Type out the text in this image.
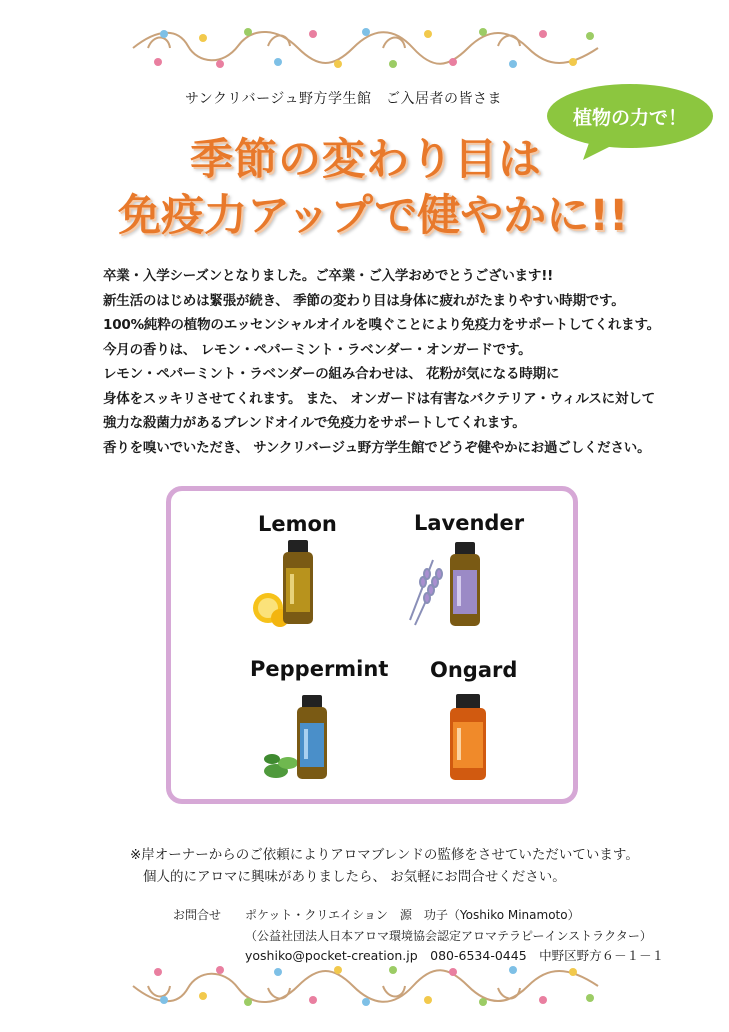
サンクリバージュ野方学生館　ご入居者の皆さま
植物の力で！
季節の変わり目は
免疫力アップで健やかに!!
卒業・入学シーズンとなりました。ご卒業・ご入学おめでとうございます!!
新生活のはじめは緊張が続き、 季節の変わり目は身体に疲れがたまりやすい時期です。
100%純粋の植物のエッセンシャルオイルを嗅ぐことにより免疫力をサポートしてくれます。
今月の香りは、 レモン・ペパーミント・ラベンダー・オンガードです。
レモン・ペパーミント・ラベンダーの組み合わせは、 花粉が気になる時期に
身体をスッキリさせてくれます。 また、 オンガードは有害なバクテリア・ウィルスに対して
強力な殺菌力があるブレンドオイルで免疫力をサポートしてくれます。
香りを嗅いでいただき、 サンクリバージュ野方学生館でどうぞ健やかにお過ごしください。
Lemon	Lavender
Peppermint Ongard
※岸オーナーからのご依頼によりアロマブレンドの監修をさせていただいています。
個人的にアロマに興味がありましたら、 お気軽にお問合せください。
お問合せ ポケット・クリエイション　源　功子（Yoshiko Minamoto）
（公益社団法人日本アロマ環境協会認定アロマテラピーインストラクター）
yoshiko@pocket-creation.jp　080-6534-0445　中野区野方６－１－１
